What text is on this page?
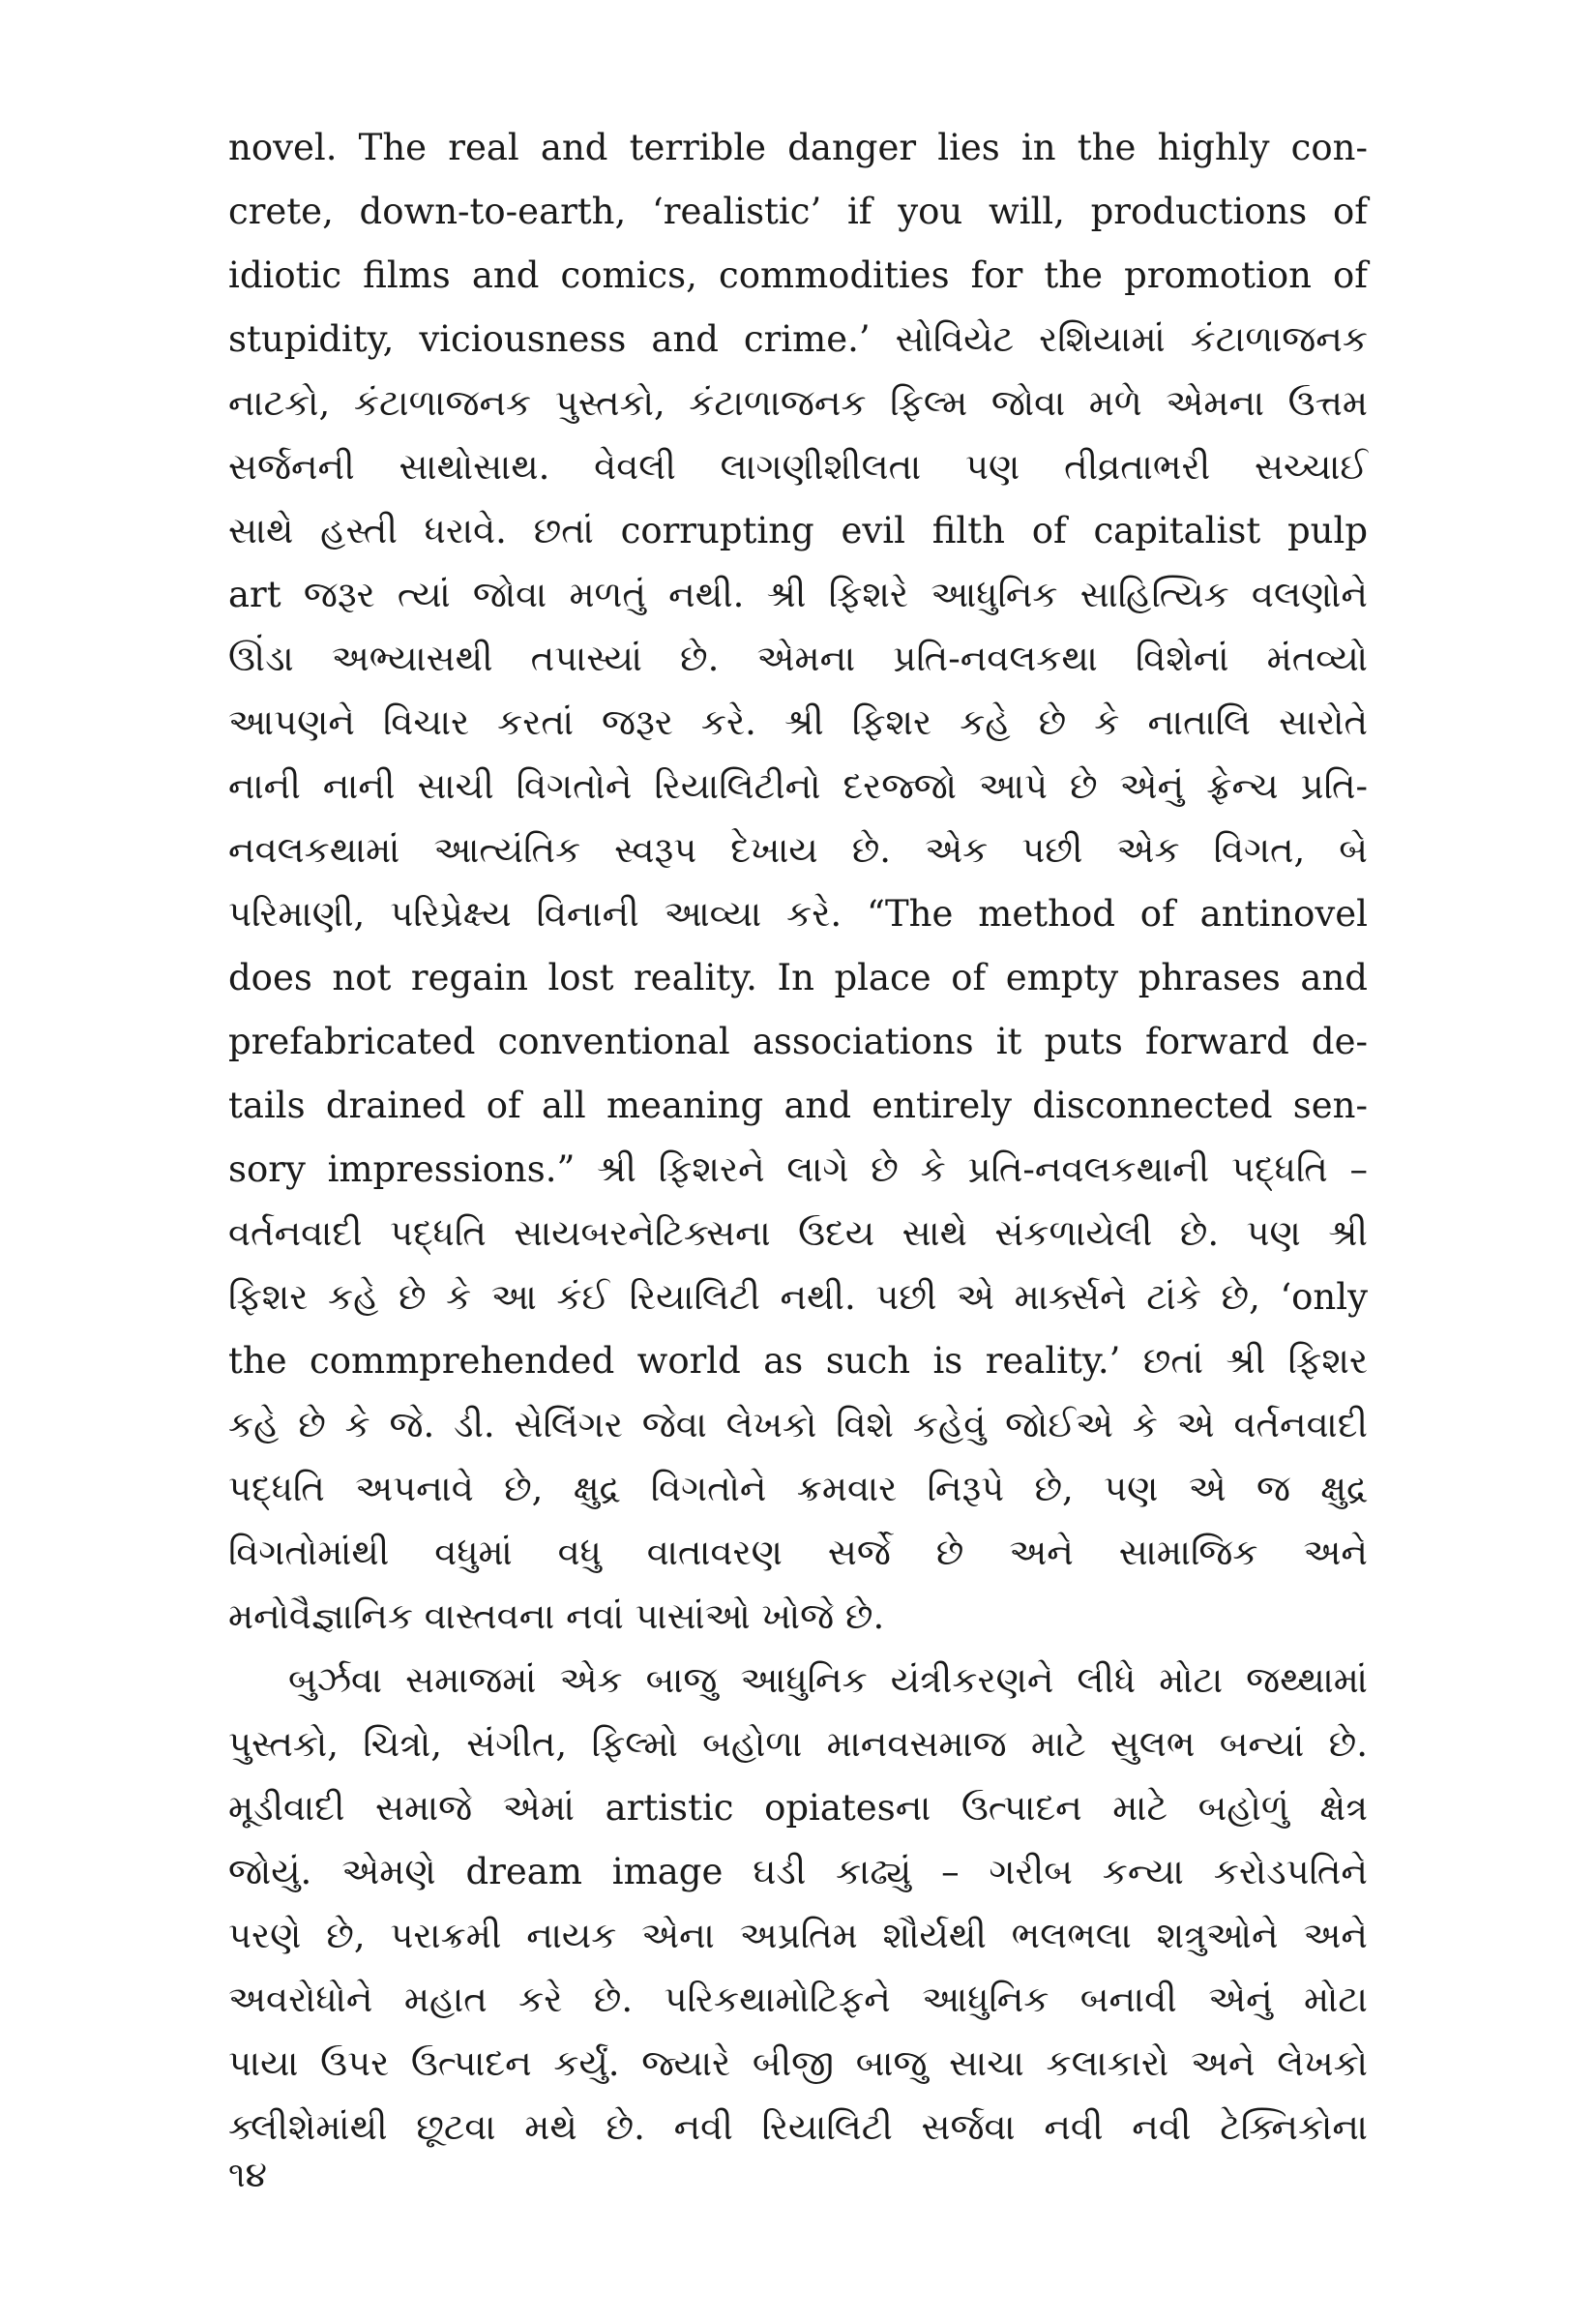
novel. The real and terrible danger lies in the highly con-
crete, down-to-earth, ‘realistic’ if you will, productions of
idiotic films and comics, commodities for the promotion of
stupidity, viciousness and crime.’ સોવિયેટ રશિયામાં કંટાળાજનક
નાટકો, કંટાળાજનક પુસ્તકો, કંટાળાજનક ફિલ્મ જોવા મળે એમના ઉત્તમ
સર્જનની સાથોસાથ. વેવલી લાગણીશીલતા પણ તીવ્રતાભરી સચ્ચાઈ
સાથે હસ્તી ધરાવે. છતાં corrupting evil filth of capitalist pulp
art જરૂર ત્યાં જોવા મળતું નથી. શ્રી ફિશરે આધુનિક સાહિત્યિક વલણોને
ઊંડા અભ્યાસથી તપાસ્યાં છે. એમના પ્રતિ-નવલકથા વિશેનાં મંતવ્યો
આપણને વિચાર કરતાં જરૂર કરે. શ્રી ફિશર કહે છે કે નાતાલિ સારોતે
નાની નાની સાચી વિગતોને રિયાલિટીનો દરજ્જો આપે છે એનું ફ્રેન્ચ પ્રતિ-
નવલકથામાં આત્યંતિક સ્વરૂપ દેખાય છે. એક પછી એક વિગત, બે
પરિમાણી, પરિપ્રેક્ષ્ય વિનાની આવ્યા કરે. “The method of antinovel
does not regain lost reality. In place of empty phrases and
prefabricated conventional associations it puts forward de-
tails drained of all meaning and entirely disconnected sen-
sory impressions.” શ્રી ફિશરને લાગે છે કે પ્રતિ-નવલકથાની પદ્ધતિ –
વર્તનવાદી પદ્ધતિ સાયબરનેટિક્સના ઉદય સાથે સંકળાયેલી છે. પણ શ્રી
ફિશર કહે છે કે આ કંઈ રિયાલિટી નથી. પછી એ માર્ક્સને ટાંકે છે, ‘only
the commprehended world as such is reality.’ છતાં શ્રી ફિશર
કહે છે કે જે. ડી. સેલિંગર જેવા લેખકો વિશે કહેવું જોઈએ કે એ વર્તનવાદી
પદ્ધતિ અપનાવે છે, ક્ષુદ્ર વિગતોને ક્રમવાર નિરૂપે છે, પણ એ જ ક્ષુદ્ર
વિગતોમાંથી વધુમાં વધુ વાતાવરણ સર્જે છે અને સામાજિક અને
મનોવૈજ્ઞાનિક વાસ્તવના નવાં પાસાંઓ ખોજે છે.
બુર્ઝવા સમાજમાં એક બાજુ આધુનિક યંત્રીકરણને લીધે મોટા જથ્થામાં
પુસ્તકો, ચિત્રો, સંગીત, ફિલ્મો બહોળા માનવસમાજ માટે સુલભ બન્યાં છે.
મૂડીવાદી સમાજે એમાં artistic opiatesના ઉત્પાદન માટે બહોળું ક્ષેત્ર
જોયું. એમણે dream image ઘડી કાઢ્યું – ગરીબ કન્યા કરોડપતિને
પરણે છે, પરાક્રમી નાયક એના અપ્રતિમ શૌર્યથી ભલભલા શત્રુઓને અને
અવરોધોને મહાત કરે છે. પરિકથામોટિફને આધુનિક બનાવી એનું મોટા
પાયા ઉપર ઉત્પાદન કર્યું. જ્યારે બીજી બાજુ સાચા કલાકારો અને લેખકો
ક્લીશેમાંથી છૂટવા મથે છે. નવી રિયાલિટી સર્જવા નવી નવી ટેક્નિકોના
૧૪
